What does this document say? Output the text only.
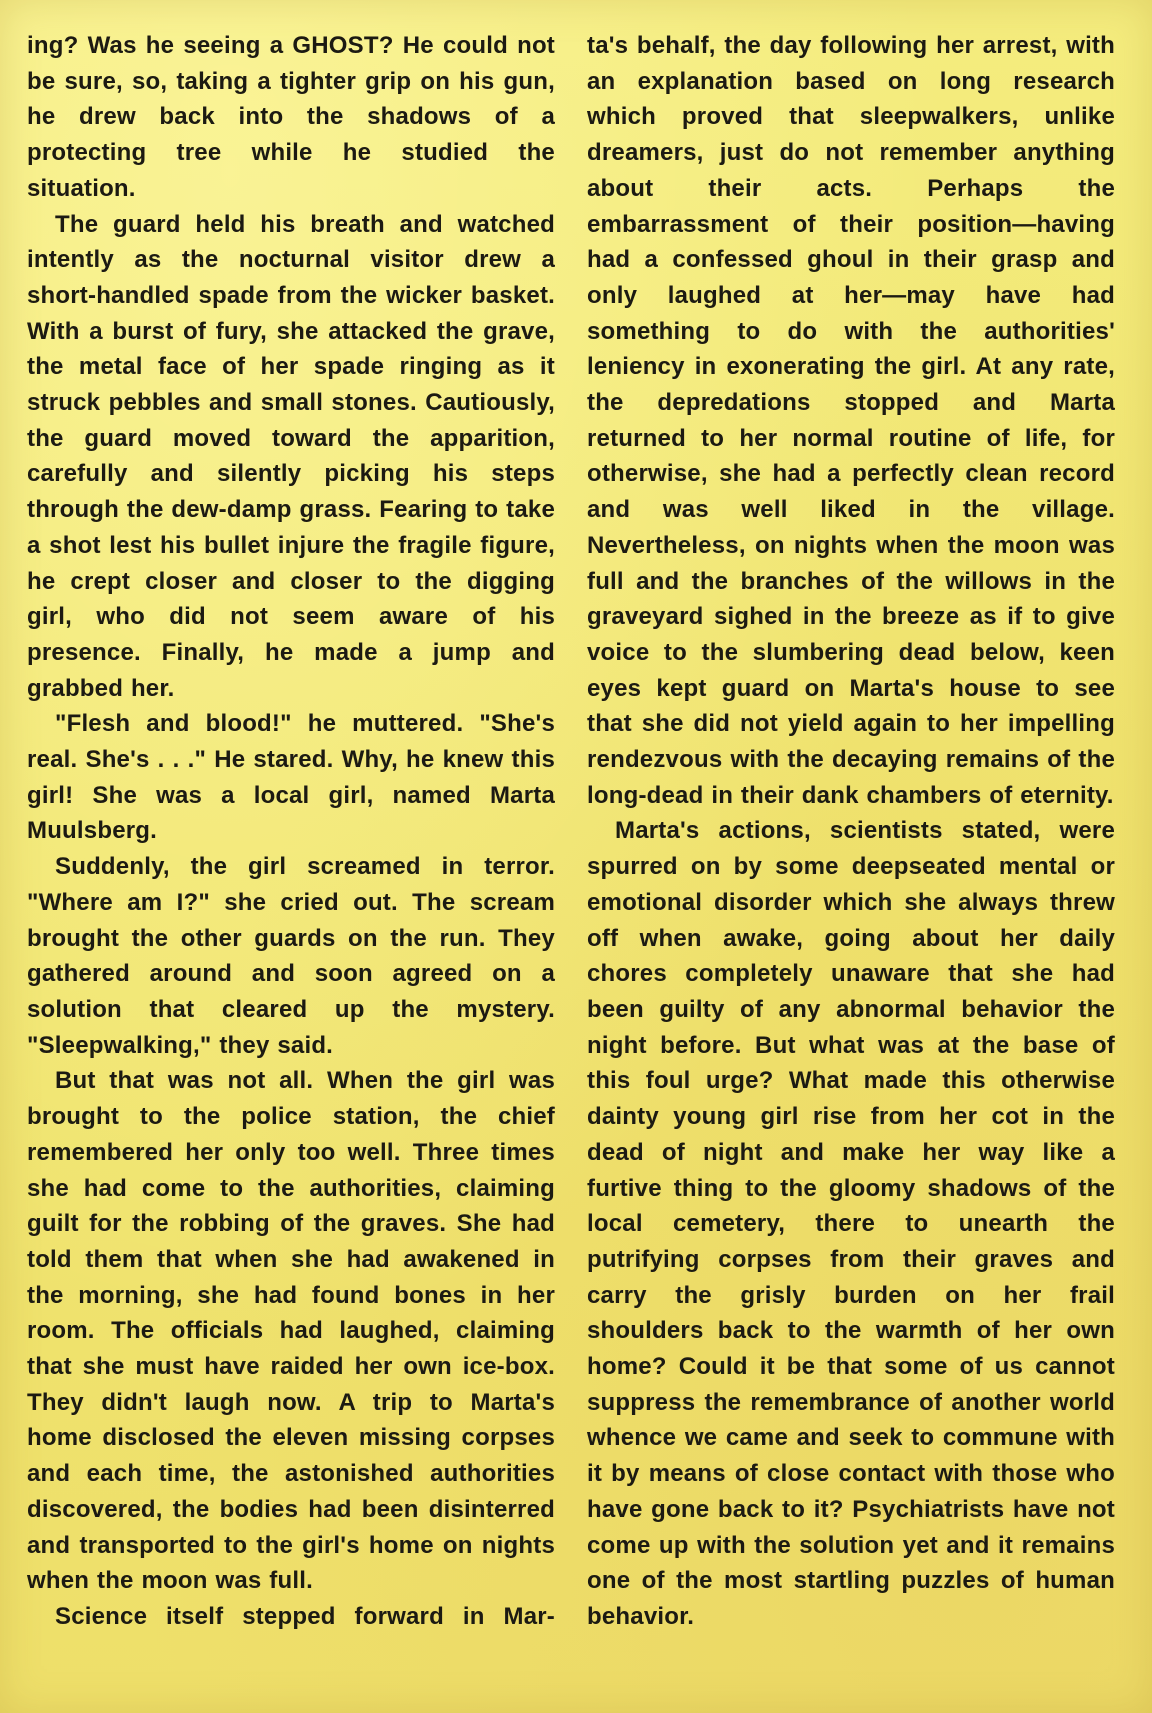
ing? Was he seeing a GHOST? He could not be sure, so, taking a tighter grip on his gun, he drew back into the shadows of a protecting tree while he studied the situation.

The guard held his breath and watched intently as the nocturnal visitor drew a short-handled spade from the wicker basket. With a burst of fury, she attacked the grave, the metal face of her spade ringing as it struck pebbles and small stones. Cautiously, the guard moved toward the apparition, carefully and silently picking his steps through the dew-damp grass. Fearing to take a shot lest his bullet injure the fragile figure, he crept closer and closer to the digging girl, who did not seem aware of his presence. Finally, he made a jump and grabbed her.

"Flesh and blood!" he muttered. "She's real. She's . . ." He stared. Why, he knew this girl! She was a local girl, named Marta Muulsberg.

Suddenly, the girl screamed in terror. "Where am I?" she cried out. The scream brought the other guards on the run. They gathered around and soon agreed on a solution that cleared up the mystery. "Sleepwalking," they said.

But that was not all. When the girl was brought to the police station, the chief remembered her only too well. Three times she had come to the authorities, claiming guilt for the robbing of the graves. She had told them that when she had awakened in the morning, she had found bones in her room. The officials had laughed, claiming that she must have raided her own ice-box. They didn't laugh now. A trip to Marta's home disclosed the eleven missing corpses and each time, the astonished authorities discovered, the bodies had been disinterred and transported to the girl's home on nights when the moon was full.

Science itself stepped forward in Mar-

ta's behalf, the day following her arrest, with an explanation based on long research which proved that sleepwalkers, unlike dreamers, just do not remember anything about their acts. Perhaps the embarrassment of their position—having had a confessed ghoul in their grasp and only laughed at her—may have had something to do with the authorities' leniency in exonerating the girl. At any rate, the depredations stopped and Marta returned to her normal routine of life, for otherwise, she had a perfectly clean record and was well liked in the village. Nevertheless, on nights when the moon was full and the branches of the willows in the graveyard sighed in the breeze as if to give voice to the slumbering dead below, keen eyes kept guard on Marta's house to see that she did not yield again to her impelling rendezvous with the decaying remains of the long-dead in their dank chambers of eternity.

Marta's actions, scientists stated, were spurred on by some deepseated mental or emotional disorder which she always threw off when awake, going about her daily chores completely unaware that she had been guilty of any abnormal behavior the night before. But what was at the base of this foul urge? What made this otherwise dainty young girl rise from her cot in the dead of night and make her way like a furtive thing to the gloomy shadows of the local cemetery, there to unearth the putrifying corpses from their graves and carry the grisly burden on her frail shoulders back to the warmth of her own home? Could it be that some of us cannot suppress the remembrance of another world whence we came and seek to commune with it by means of close contact with those who have gone back to it? Psychiatrists have not come up with the solution yet and it remains one of the most startling puzzles of human behavior.
